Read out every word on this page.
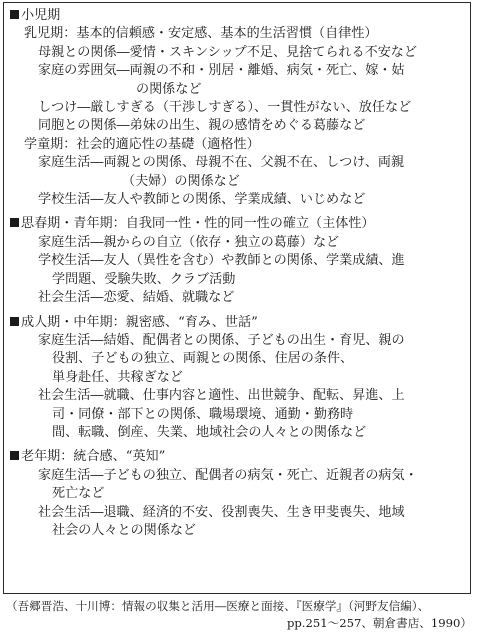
小児期
乳児期：基本的信頼感・安定感、基本的生活習慣（自律性）
母親との関係―愛情・スキンシップ不足、見捨てられる不安など
家庭の雰囲気―両親の不和・別居・離婚、病気・死亡、嫁・姑
の関係など
しつけ―厳しすぎる（干渉しすぎる）、一貫性がない、放任など
同胞との関係―弟妹の出生、親の感情をめぐる葛藤など
学童期：社会的適応性の基礎（適格性）
家庭生活―両親との関係、母親不在、父親不在、しつけ、両親
（夫婦）の関係など
学校生活―友人や教師との関係、学業成績、いじめなど
思春期・青年期：自我同一性・性的同一性の確立（主体性）
家庭生活―親からの自立（依存・独立の葛藤）など
学校生活―友人（異性を含む）や教師との関係、学業成績、進
学問題、受験失敗、クラブ活動
社会生活―恋愛、結婚、就職など
成人期・中年期：親密感、“育み、世話”
家庭生活―結婚、配偶者との関係、子どもの出生・育児、親の
役割、子どもの独立、両親との関係、住居の条件、
単身赴任、共稼ぎなど
社会生活―就職、仕事内容と適性、出世競争、配転、昇進、上
司・同僚・部下との関係、職場環境、通勤・勤務時
間、転職、倒産、失業、地域社会の人々との関係など
老年期：統合感、“英知”
家庭生活―子どもの独立、配偶者の病気・死亡、近親者の病気・
死亡など
社会生活―退職、経済的不安、役割喪失、生き甲斐喪失、地域
社会の人々との関係など
（吾郷晋浩、十川博：情報の収集と活用―医療と面接、『医療学』（河野友信編）、
pp.251～257、朝倉書店、1990）
